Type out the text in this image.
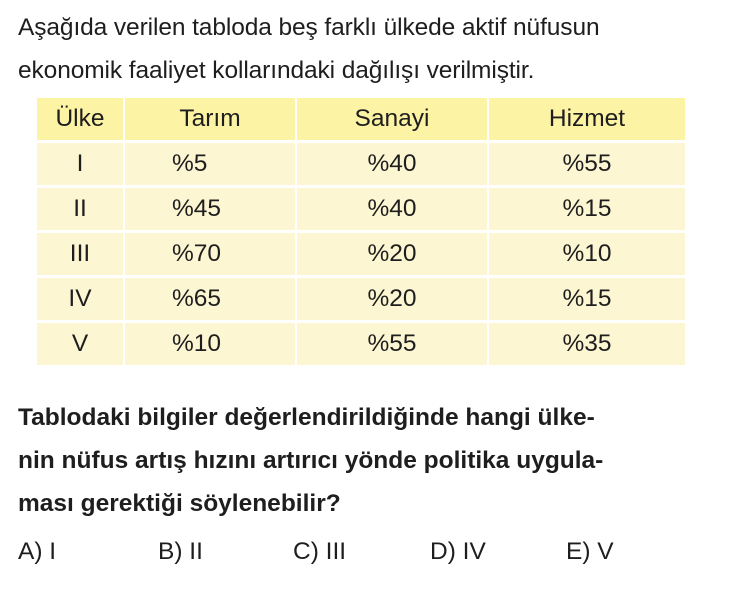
Aşağıda verilen tabloda beş farklı ülkede aktif nüfusun
ekonomik faaliyet kollarındaki dağılışı verilmiştir.
Ülke	Tarım	Sanayi	Hizmet
I	%5	%40	%55
II	%45	%40	%15
III	%70	%20	%10
IV	%65	%20	%15
V	%10	%55	%35
Tablodaki bilgiler değerlendirildiğinde hangi ülke-
nin nüfus artış hızını artırıcı yönde politika uygula-
ması gerektiği söylenebilir?
A) I	B) II	C) III	D) IV	E) V
